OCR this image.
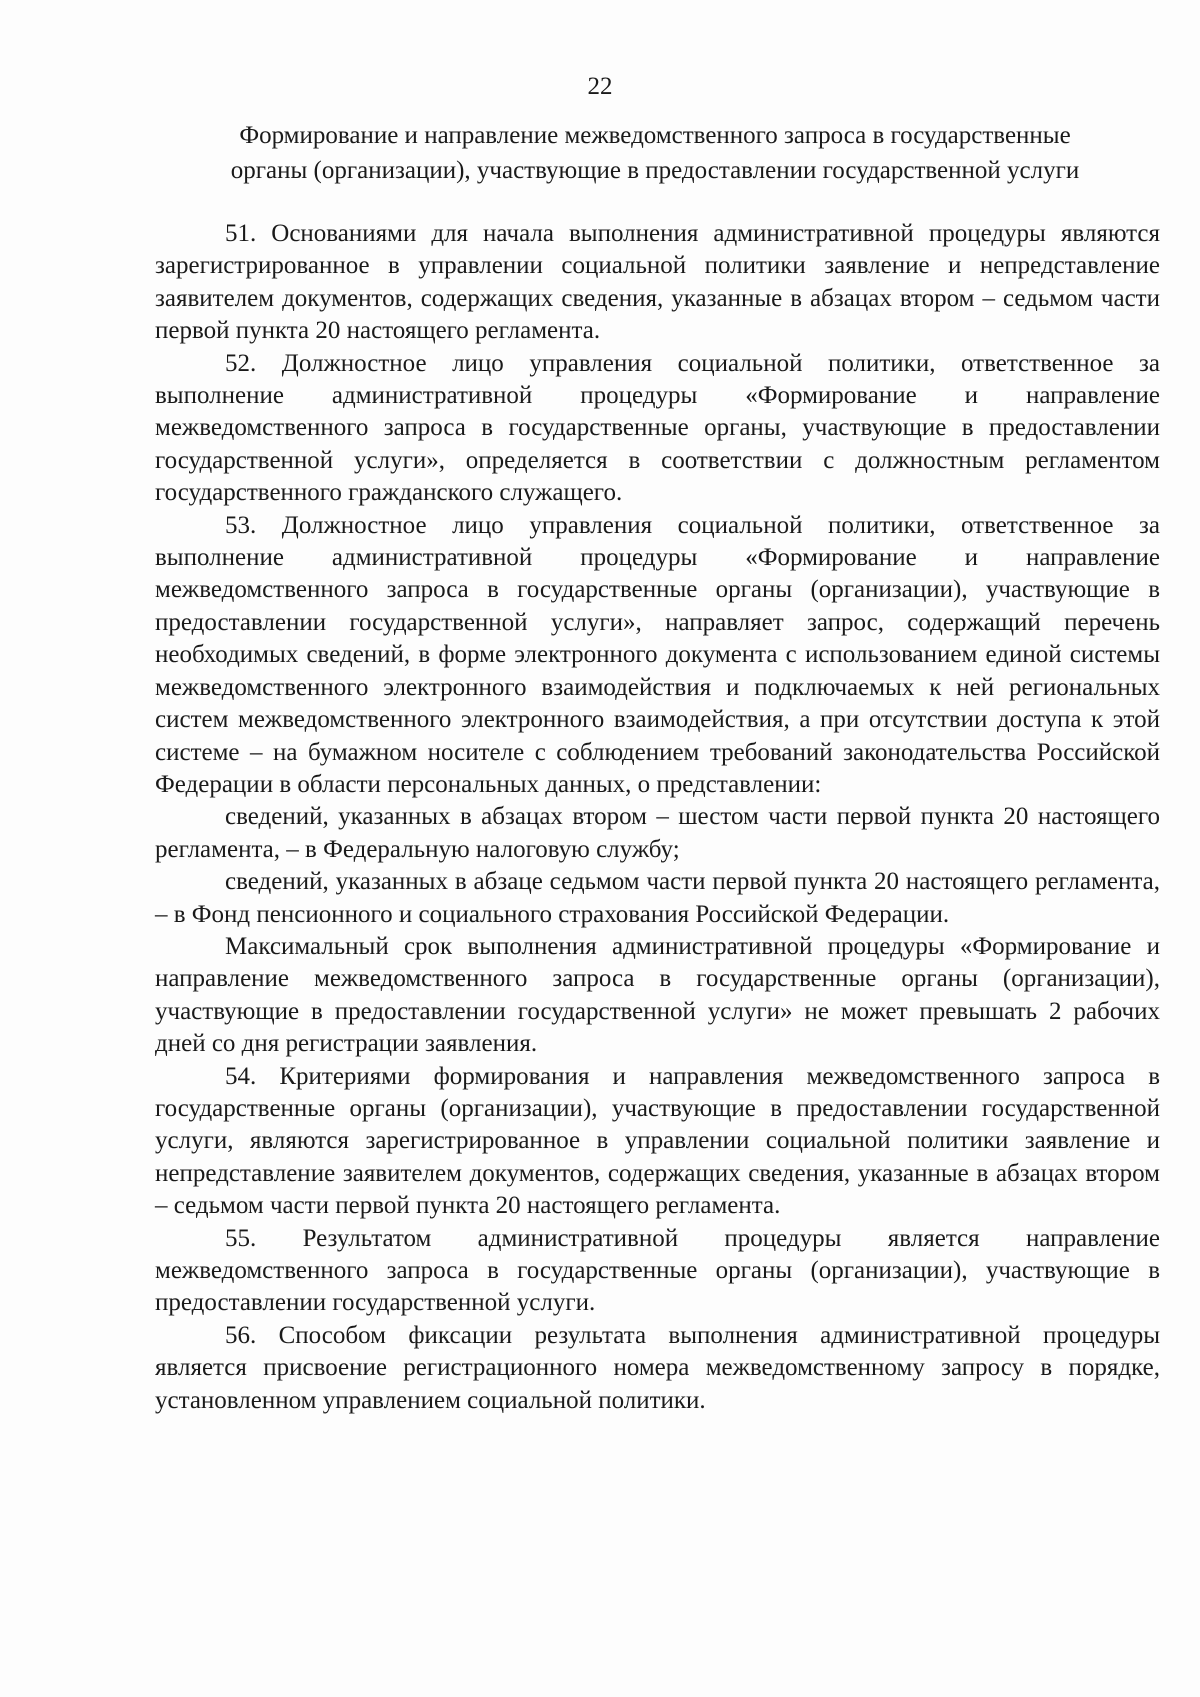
22
Формирование и направление межведомственного запроса в государственные
органы (организации), участвующие в предоставлении государственной услуги

51. Основаниями для начала выполнения административной процедуры являются зарегистрированное в управлении социальной политики заявление и непредставление заявителем документов, содержащих сведения, указанные в абзацах втором – седьмом части первой пункта 20 настоящего регламента.

52. Должностное лицо управления социальной политики, ответственное за выполнение административной процедуры «Формирование и направление межведомственного запроса в государственные органы, участвующие в предоставлении государственной услуги», определяется в соответствии с должностным регламентом государственного гражданского служащего.

53. Должностное лицо управления социальной политики, ответственное за выполнение административной процедуры «Формирование и направление межведомственного запроса в государственные органы (организации), участвующие в предоставлении государственной услуги», направляет запрос, содержащий перечень необходимых сведений, в форме электронного документа с использованием единой системы межведомственного электронного взаимодействия и подключаемых к ней региональных систем межведомственного электронного взаимодействия, а при отсутствии доступа к этой системе – на бумажном носителе с соблюдением требований законодательства Российской Федерации в области персональных данных, о представлении:

сведений, указанных в абзацах втором – шестом части первой пункта 20 настоящего регламента, – в Федеральную налоговую службу;

сведений, указанных в абзаце седьмом части первой пункта 20 настоящего регламента, – в Фонд пенсионного и социального страхования Российской Федерации.

Максимальный срок выполнения административной процедуры «Формирование и направление межведомственного запроса в государственные органы (организации), участвующие в предоставлении государственной услуги» не может превышать 2 рабочих дней со дня регистрации заявления.

54. Критериями формирования и направления межведомственного запроса в государственные органы (организации), участвующие в предоставлении государственной услуги, являются зарегистрированное в управлении социальной политики заявление и непредставление заявителем документов, содержащих сведения, указанные в абзацах втором – седьмом части первой пункта 20 настоящего регламента.

55. Результатом административной процедуры является направление межведомственного запроса в государственные органы (организации), участвующие в предоставлении государственной услуги.

56. Способом фиксации результата выполнения административной процедуры является присвоение регистрационного номера межведомственному запросу в порядке, установленном управлением социальной политики.
